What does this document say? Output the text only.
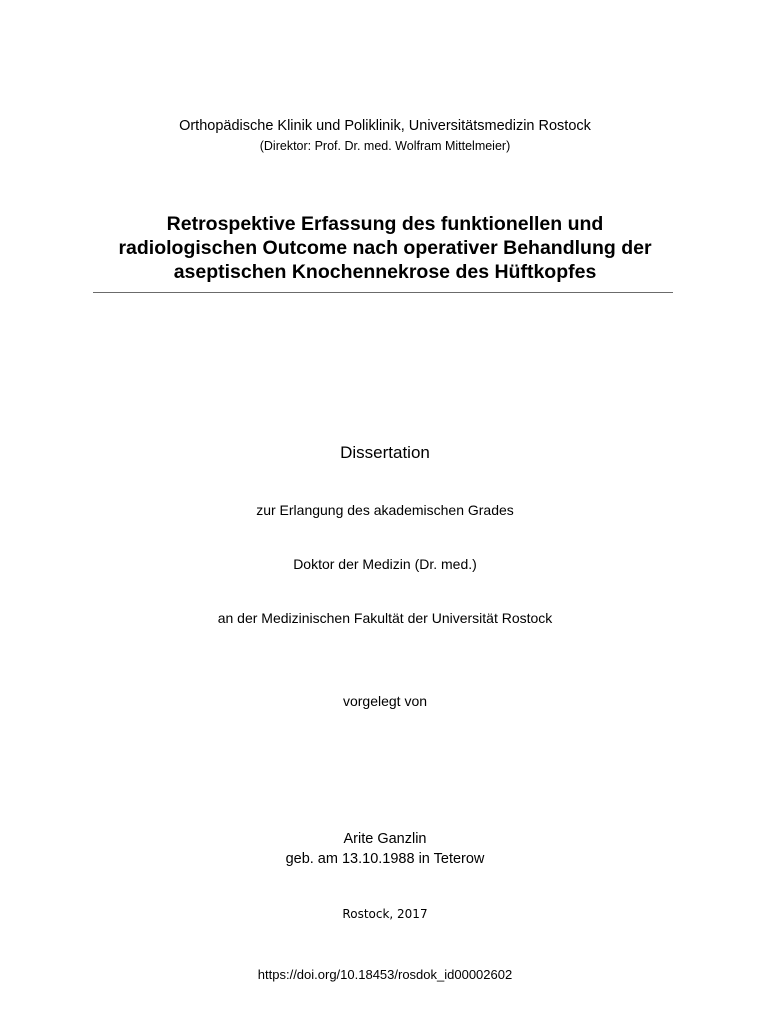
Orthopädische Klinik und Poliklinik, Universitätsmedizin Rostock
(Direktor: Prof. Dr. med. Wolfram Mittelmeier)
Retrospektive Erfassung des funktionellen und
radiologischen Outcome nach operativer Behandlung der
aseptischen Knochennekrose des Hüftkopfes
Dissertation
zur Erlangung des akademischen Grades
Doktor der Medizin (Dr. med.)
an der Medizinischen Fakultät der Universität Rostock
vorgelegt von
Arite Ganzlin
geb. am 13.10.1988 in Teterow
Rostock, 2017
https://doi.org/10.18453/rosdok_id00002602
